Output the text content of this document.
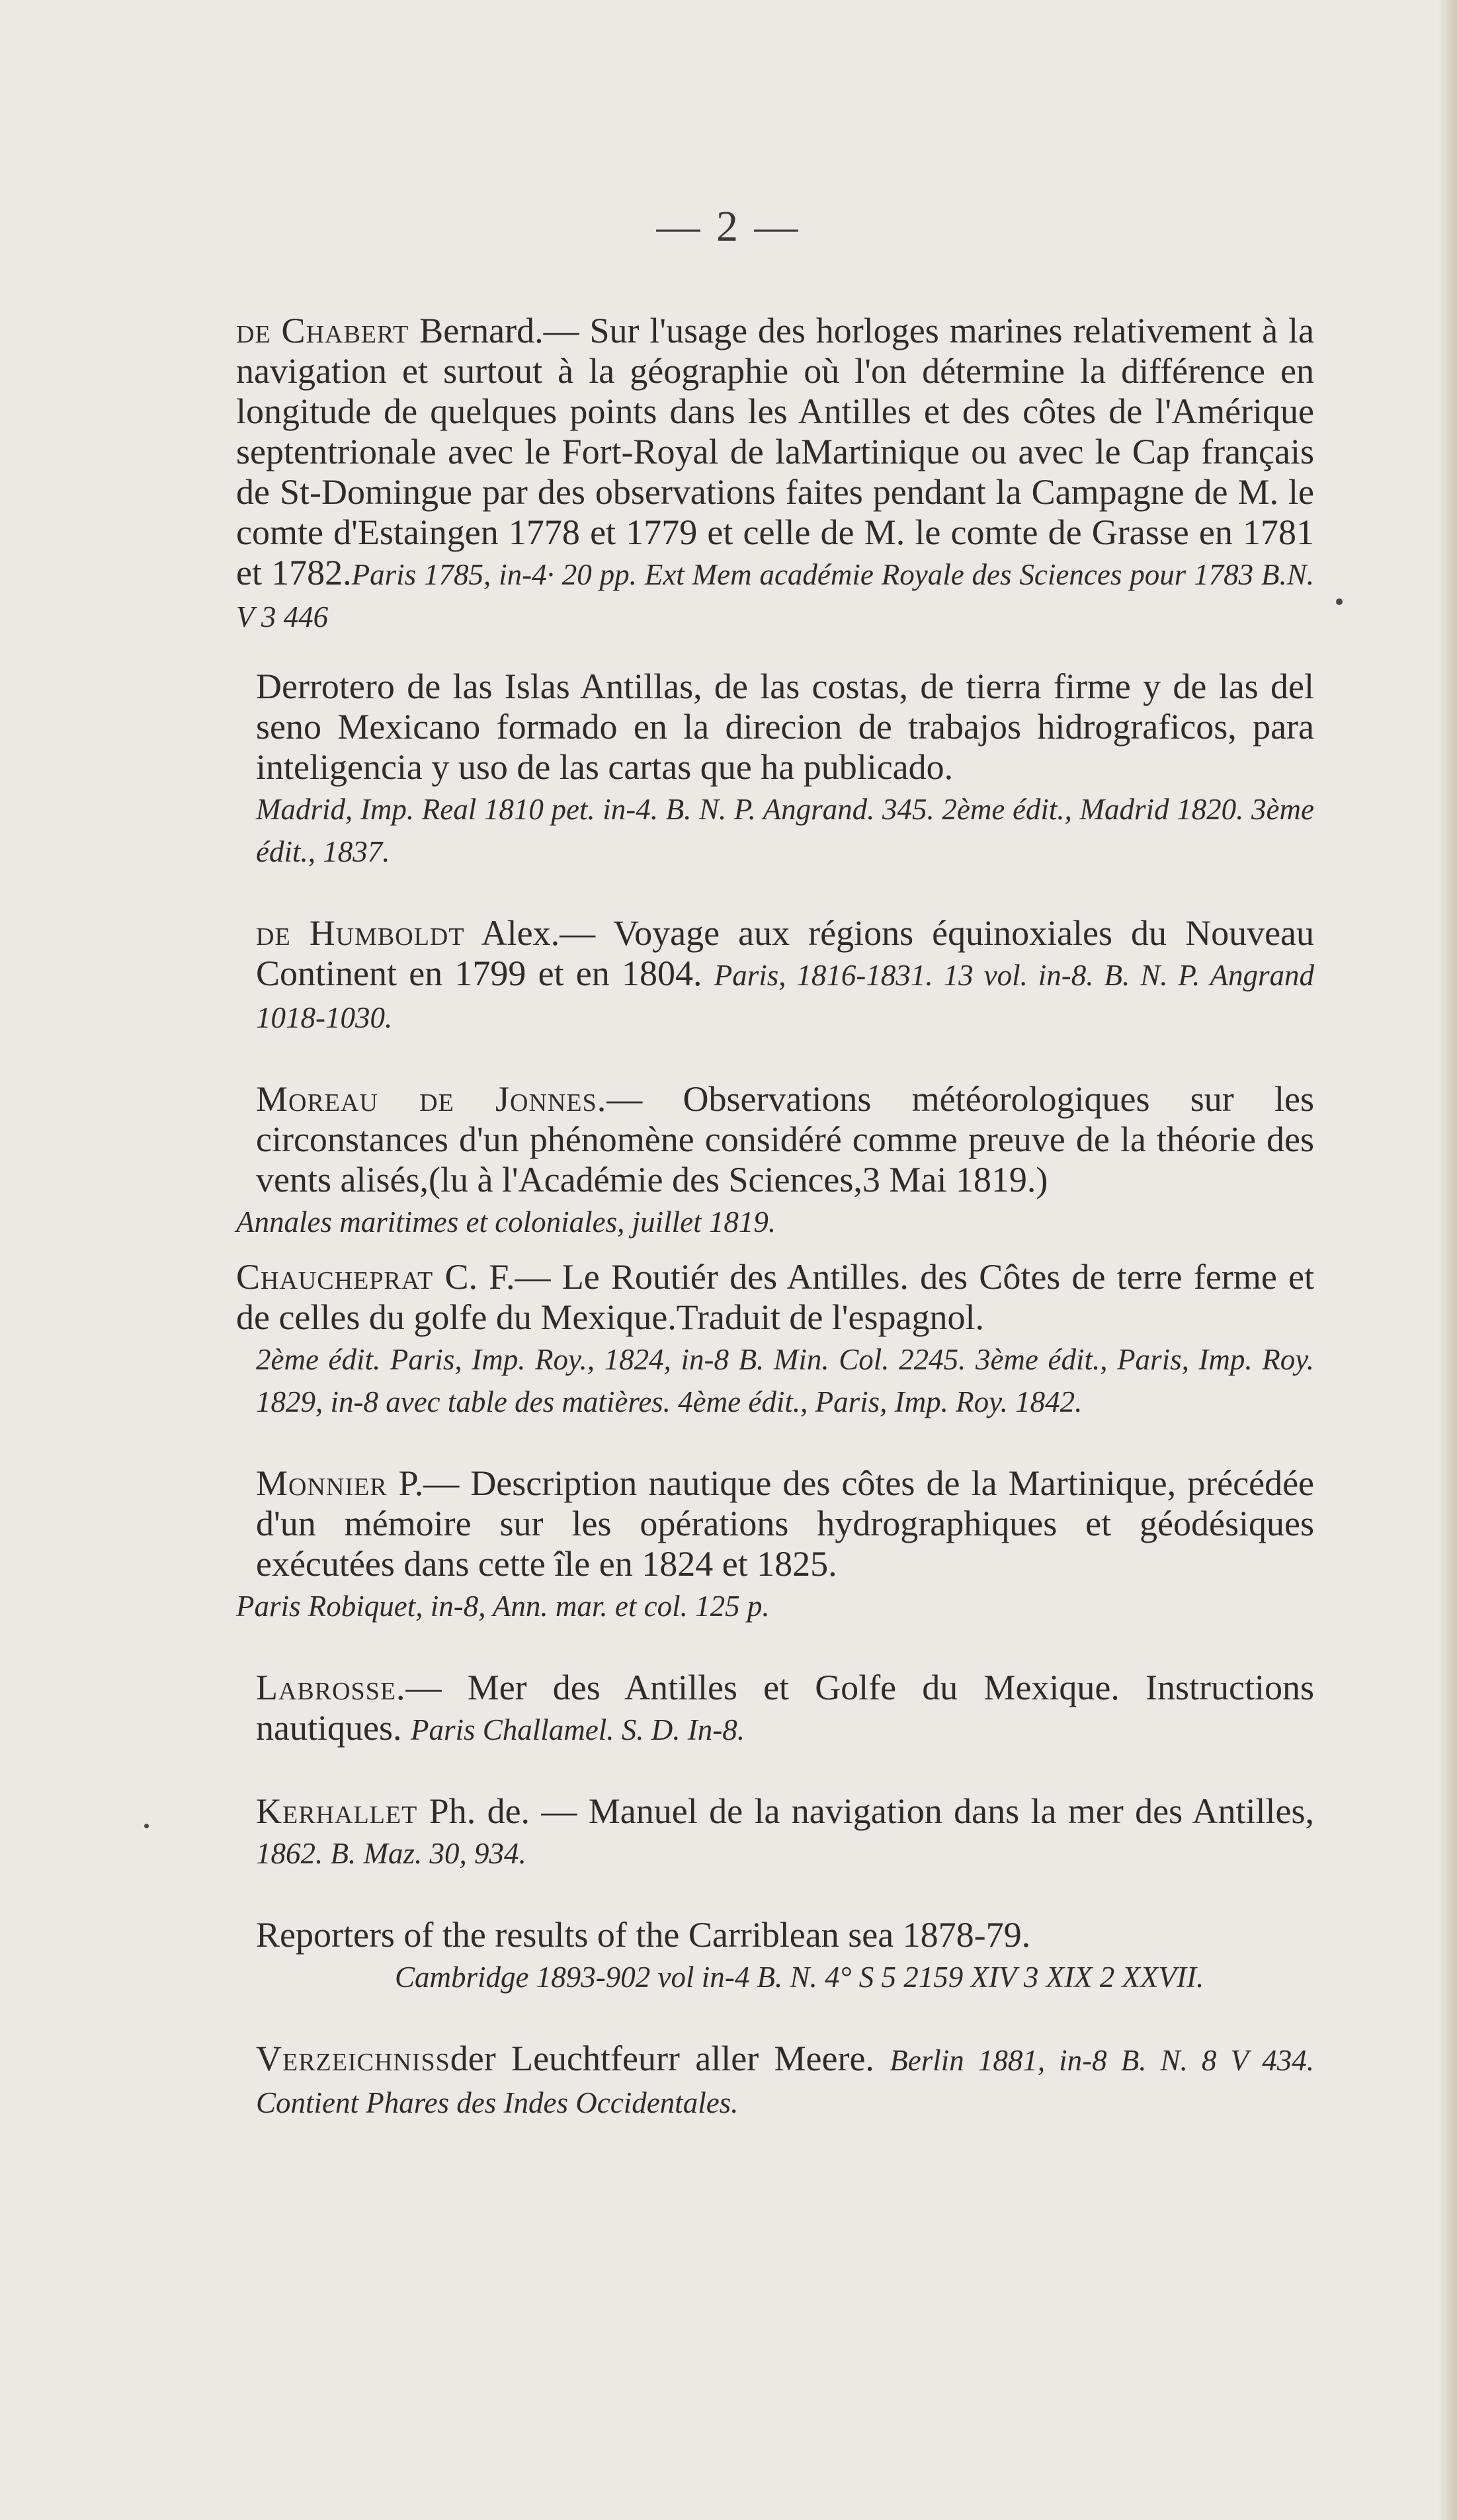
— 2 —

de Chabert Bernard.— Sur l'usage des horloges marines relativement à la navigation et surtout à la géographie où l'on détermine la différence en longitude de quelques points dans les Antilles et des côtes de l'Amérique septentrionale avec le Fort-Royal de laMartinique ou avec le Cap français de St-Domingue par des observations faites pendant la Campagne de M. le comte d'Estaingen 1778 et 1779 et celle de M. le comte de Grasse en 1781 et 1782.Paris 1785, in-4· 20 pp. Ext Mem académie Royale des Sciences pour 1783 B.N. V 3 446

Derrotero de las Islas Antillas, de las costas, de tierra firme y de las del seno Mexicano formado en la direcion de trabajos hidrograficos, para inteligencia y uso de las cartas que ha publicado.

Madrid, Imp. Real 1810 pet. in-4. B. N. P. Angrand. 345. 2ème édit., Madrid 1820. 3ème édit., 1837.

de Humboldt Alex.— Voyage aux régions équinoxiales du Nouveau Continent en 1799 et en 1804. Paris, 1816-1831. 13 vol. in-8. B. N. P. Angrand 1018-1030.

Moreau de Jonnes.— Observations météorologiques sur les circonstances d'un phénomène considéré comme preuve de la théorie des vents alisés,(lu à l'Académie des Sciences,3 Mai 1819.)

Annales maritimes et coloniales, juillet 1819.

Chaucheprat C. F.— Le Routiér des Antilles. des Côtes de terre ferme et de celles du golfe du Mexique.Traduit de l'espagnol.

2ème édit. Paris, Imp. Roy., 1824, in-8 B. Min. Col. 2245. 3ème édit., Paris, Imp. Roy. 1829, in-8 avec table des matières. 4ème édit., Paris, Imp. Roy. 1842.

Monnier P.— Description nautique des côtes de la Martinique, précédée d'un mémoire sur les opérations hydrographiques et géodésiques exécutées dans cette île en 1824 et 1825.

Paris Robiquet, in-8, Ann. mar. et col. 125 p.

Labrosse.— Mer des Antilles et Golfe du Mexique. Instructions nautiques. Paris Challamel. S. D. In-8.

Kerhallet Ph. de. — Manuel de la navigation dans la mer des Antilles, 1862. B. Maz. 30, 934.

Reporters of the results of the Carriblean sea 1878-79.

Cambridge 1893-902 vol in-4 B. N. 4° S 5 2159 XIV 3 XIX 2 XXVII.

Verzeichnissder Leuchtfeurr aller Meere. Berlin 1881, in-8 B. N. 8 V 434. Contient Phares des Indes Occidentales.
